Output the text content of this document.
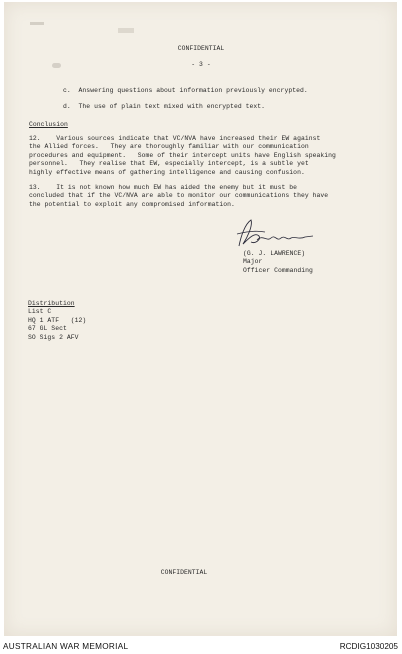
CONFIDENTIAL
- 3 -
c.  Answering questions about information previously encrypted.
d.  The use of plain text mixed with encrypted text.
Conclusion
12.    Various sources indicate that VC/NVA have increased their EW against
the Allied forces.   They are thoroughly familiar with our communication
procedures and equipment.   Some of their intercept units have English speaking
personnel.   They realise that EW, especially intercept, is a subtle yet
highly effective means of gathering intelligence and causing confusion.
13.    It is not known how much EW has aided the enemy but it must be
concluded that if the VC/NVA are able to monitor our communications they have
the potential to exploit any compromised information.
(G. J. LAWRENCE)
Major
Officer Commanding
Distribution
List C
HQ 1 ATF   (12)
67 GL Sect
SO Sigs 2 AFV
CONFIDENTIAL
AUSTRALIAN WAR MEMORIAL	RCDIG1030205
